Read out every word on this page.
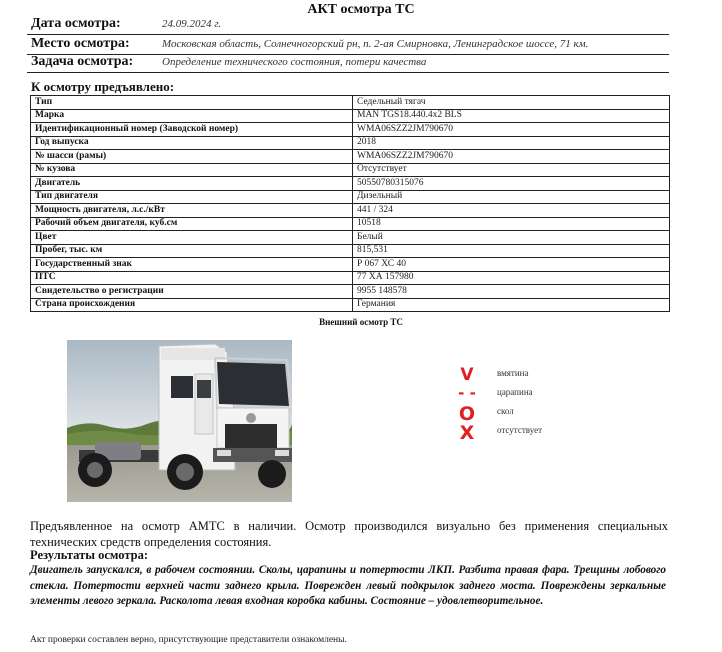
АКТ осмотра ТС
Дата осмотра:	24.09.2024 г.
Место осмотра:	Московская область, Солнечногорский рн, п. 2-ая Смирновка, Ленинградское шоссе, 71 км.
Задача осмотра:	Определение технического состояния, потери качества
К осмотру предъявлено:
Тип	Седельный тягач
Марка	MAN TGS18.440.4x2 BLS
Идентификационный номер (Заводской номер)	WMA06SZZ2JM790670
Год выпуска	2018
№ шасси (рамы)	WMA06SZZ2JM790670
№ кузова	Отсутствует
Двигатель	50550780315076
Тип двигателя	Дизельный
Мощность двигателя, л.с./кВт	441 / 324
Рабочий объем двигателя, куб.см	10518
Цвет	Белый
Пробег, тыс. км	815,531
Государственный знак	Р 067 ХС 40
ПТС	77 ХА 157980
Свидетельство о регистрации	9955 148578
Страна происхождения	Германия
Внешний осмотр ТС
V	вмятина
- -	царапина
O	скол
X	отсутствует
Предъявленное на осмотр АМТС в наличии. Осмотр производился визуально без применения специальных технических средств определения состояния.
Результаты осмотра:
Двигатель запускался, в рабочем состоянии. Сколы, царапины и потертости ЛКП. Разбита правая фара. Трещины лобового стекла. Потертости верхней части заднего крыла. Поврежден левый подкрылок заднего моста. Повреждены зеркальные элементы левого зеркала. Расколота левая входная коробка кабины. Состояние – удовлетворительное.
Акт проверки составлен верно, присутствующие представители ознакомлены.
